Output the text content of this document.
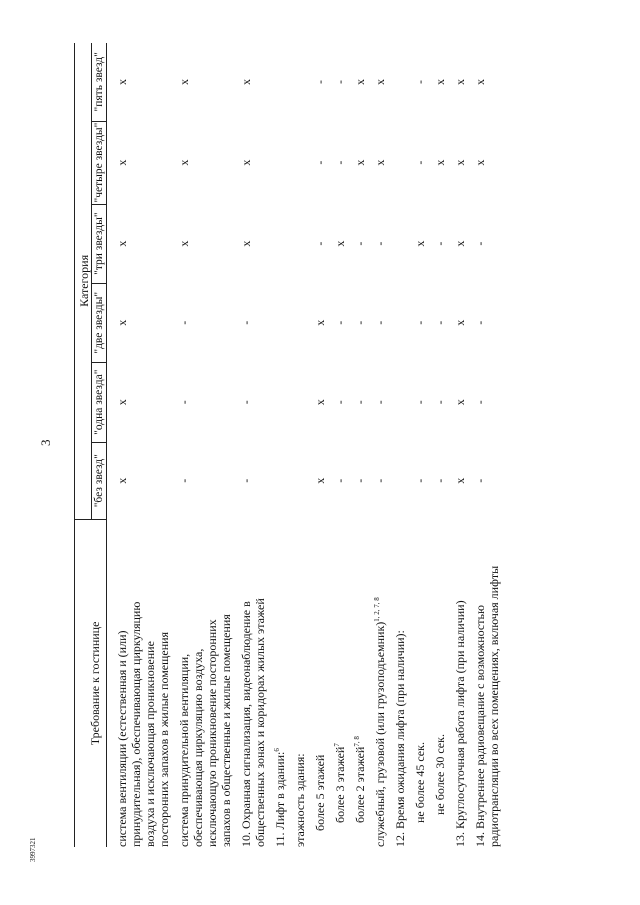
3
3997321
Требование к гостинице	Категория					
	"без звезд"	"одна звезда"	"две звезды"	"три звезды"	"четыре звезды"	"пять звезд"

система вентиляции (естественная и (или) принудительная), обеспечивающая циркуляцию воздуха и исключающая проникновение посторонних запахов в жилые помещения	x	x	x	x	x	x

система принудительной вентиляции, обеспечивающая циркуляцию воздуха, исключающую проникновение посторонних запахов в общественные и жилые помещения	-	-	-	x	x	x

10. Охранная сигнализация, видеонаблюдение в общественных зонах и коридорах жилых этажей	-	-	-	x	x	x

11. Лифт в здании:$^6$

этажность здания:						

более 5 этажей	x	x	x	-	-	-

более 3 этажей$^7$	-	-	-	x	-	-

более 2 этажей$^{7, 8}$	-	-	-	-	x	x

служебный, грузовой (или грузоподъемник)$^{1, 2, 7, 8}$	-	-	-	-	x	x

12. Время ожидания лифта (при наличии):						

не более 45 сек.	-	-	-	x	-	-

не более 30 сек.	-	-	-	-	x	x

13. Круглосуточная работа лифта (при наличии)	x	x	x	x	x	x

14. Внутреннее радиовещание с возможностью радиотрансляции во всех помещениях, включая лифты	-	-	-	-	x	x
